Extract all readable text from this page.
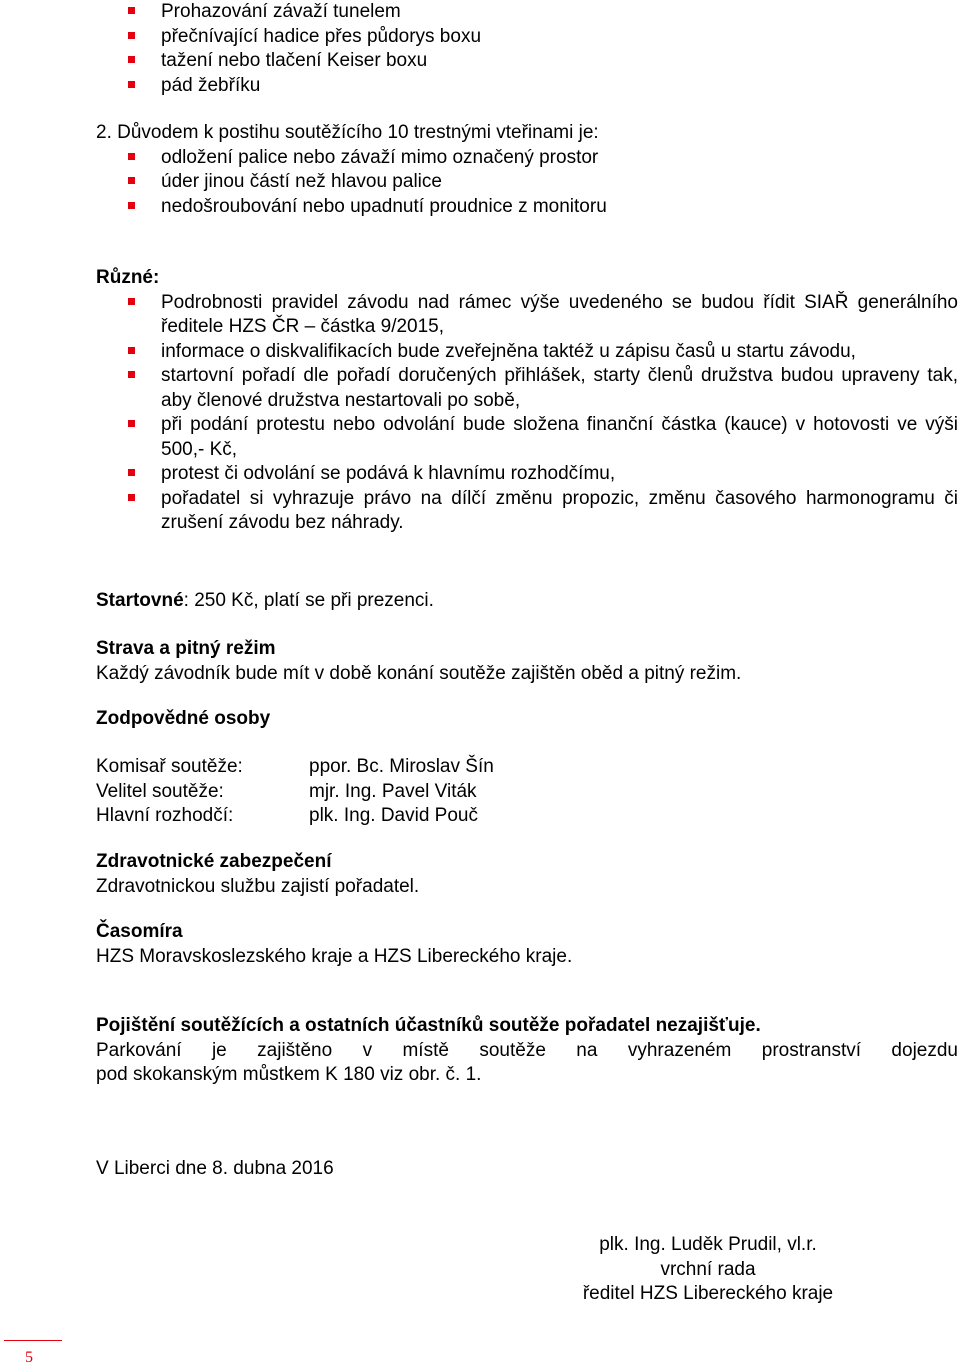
Prohazování závaží tunelem
přečnívající hadice přes půdorys boxu
tažení nebo tlačení Keiser boxu
pád žebříku
2. Důvodem k postihu soutěžícího 10 trestnými vteřinami je:
odložení palice nebo závaží mimo označený prostor
úder jinou částí než hlavou palice
nedošroubování nebo upadnutí proudnice z monitoru
Různé:
Podrobnosti pravidel závodu nad rámec výše uvedeného se budou řídit SIAŘ generálního ředitele HZS ČR – částka 9/2015,
informace o diskvalifikacích bude zveřejněna taktéž u zápisu časů u startu závodu,
startovní pořadí dle pořadí doručených přihlášek, starty členů družstva budou upraveny tak, aby členové družstva nestartovali po sobě,
při podání protestu nebo odvolání bude složena finanční částka (kauce) v hotovosti ve výši 500,- Kč,
protest či odvolání se podává k hlavnímu rozhodčímu,
pořadatel si vyhrazuje právo na dílčí změnu propozic, změnu časového harmonogramu či zrušení závodu bez náhrady.
Startovné: 250 Kč, platí se při prezenci.
Strava a pitný režim
Každý závodník bude mít v době konání soutěže zajištěn oběd a pitný režim.
Zodpovědné osoby
Komisař soutěže:	ppor. Bc. Miroslav Šín
Velitel soutěže:	mjr. Ing. Pavel Viták
Hlavní rozhodčí:	plk. Ing. David Pouč
Zdravotnické zabezpečení
Zdravotnickou službu zajistí pořadatel.
Časomíra
HZS Moravskoslezského kraje a HZS Libereckého kraje.
Pojištění soutěžících a ostatních účastníků soutěže pořadatel nezajišťuje.
Parkování je zajištěno v místě soutěže na vyhrazeném prostranství dojezdu
pod skokanským můstkem K 180 viz obr. č. 1.
V Liberci dne 8. dubna 2016
plk. Ing. Luděk Prudil, vl.r.
vrchní rada
ředitel HZS Libereckého kraje
5
